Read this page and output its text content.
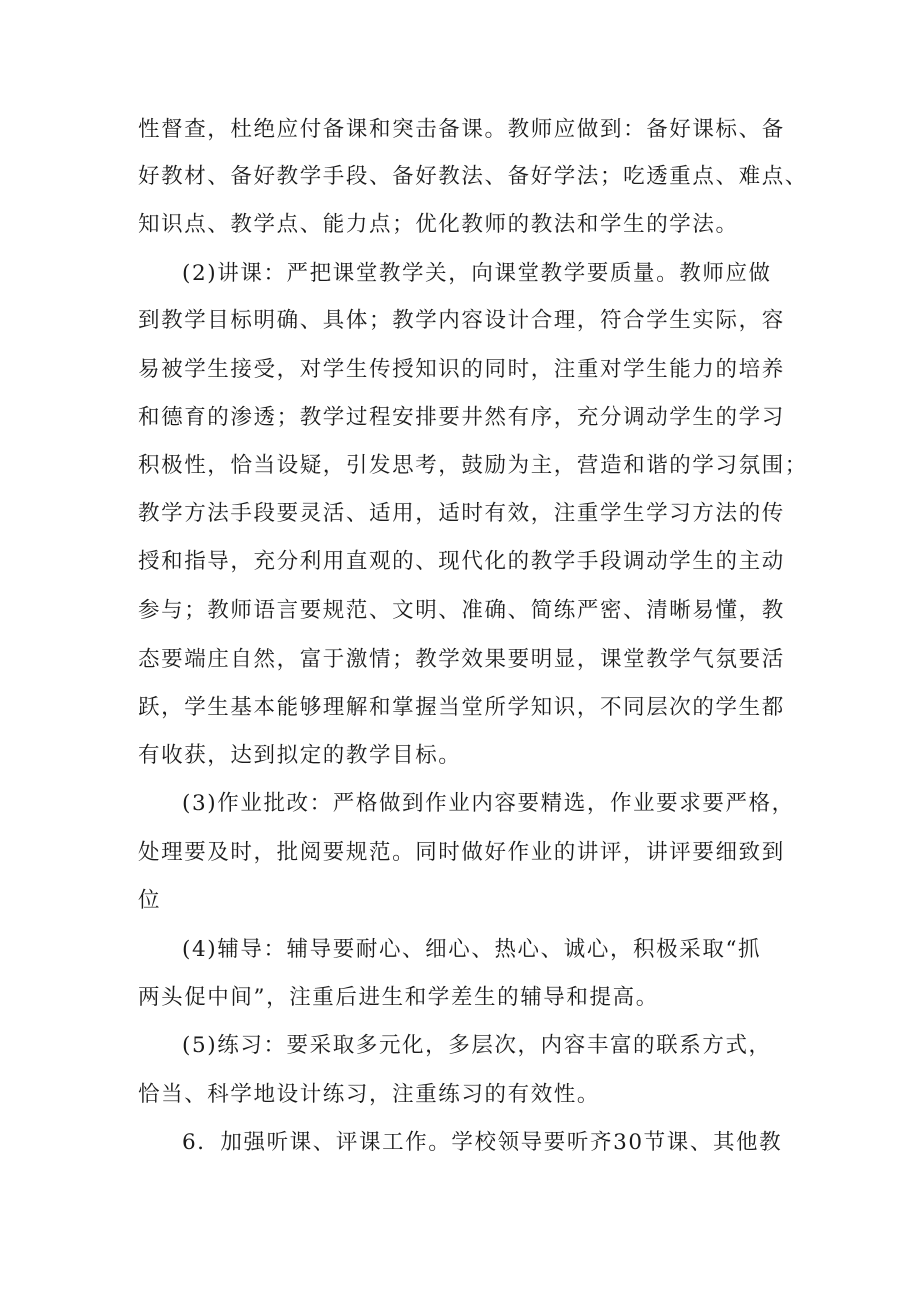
性督查，杜绝应付备课和突击备课。教师应做到：备好课标、备
好教材、备好教学手段、备好教法、备好学法；吃透重点、难点、
知识点、教学点、能力点；优化教师的教法和学生的学法。
(2)讲课：严把课堂教学关，向课堂教学要质量。教师应做
到教学目标明确、具体；教学内容设计合理，符合学生实际，容
易被学生接受，对学生传授知识的同时，注重对学生能力的培养
和德育的渗透；教学过程安排要井然有序，充分调动学生的学习
积极性，恰当设疑，引发思考，鼓励为主，营造和谐的学习氛围；
教学方法手段要灵活、适用，适时有效，注重学生学习方法的传
授和指导，充分利用直观的、现代化的教学手段调动学生的主动
参与；教师语言要规范、文明、准确、简练严密、清晰易懂，教
态要端庄自然，富于激情；教学效果要明显，课堂教学气氛要活
跃，学生基本能够理解和掌握当堂所学知识，不同层次的学生都
有收获，达到拟定的教学目标。
(3)作业批改：严格做到作业内容要精选，作业要求要严格，
处理要及时，批阅要规范。同时做好作业的讲评，讲评要细致到
位
(4)辅导：辅导要耐心、细心、热心、诚心，积极采取“抓
两头促中间”，注重后进生和学差生的辅导和提高。
(5)练习：要采取多元化，多层次，内容丰富的联系方式，
恰当、科学地设计练习，注重练习的有效性。
6．加强听课、评课工作。学校领导要听齐30节课、其他教
